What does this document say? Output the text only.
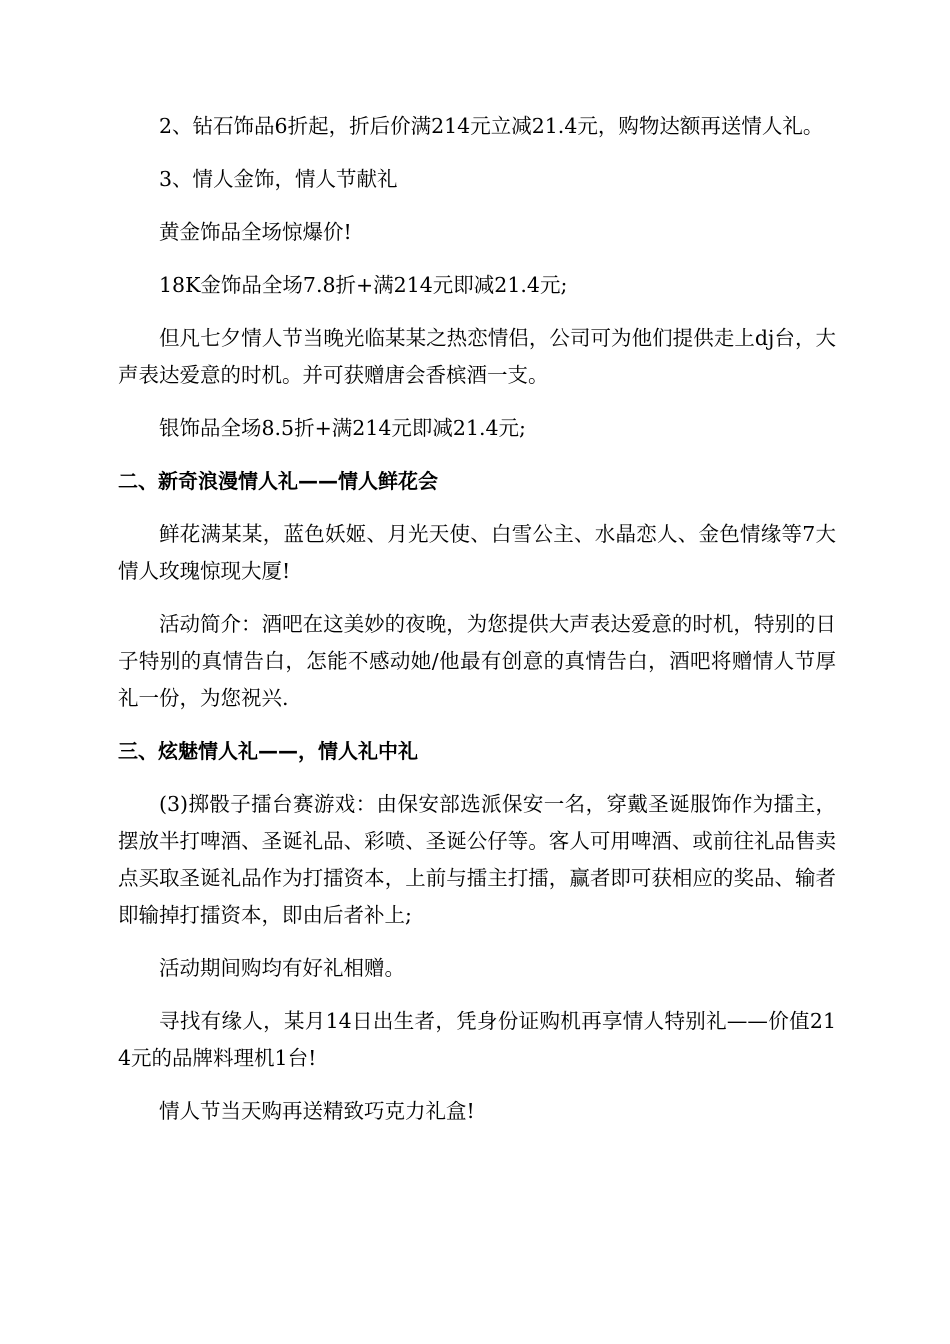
2、钻石饰品6折起，折后价满214元立减21.4元，购物达额再送情人礼。

3、情人金饰，情人节献礼

黄金饰品全场惊爆价!

18K金饰品全场7.8折+满214元即减21.4元;

但凡七夕情人节当晚光临某某之热恋情侣，公司可为他们提供走上dj台，大声表达爱意的时机。并可获赠唐会香槟酒一支。

银饰品全场8.5折+满214元即减21.4元;

二、新奇浪漫情人礼——情人鲜花会

鲜花满某某，蓝色妖姬、月光天使、白雪公主、水晶恋人、金色情缘等7大情人玫瑰惊现大厦!

活动简介：酒吧在这美妙的夜晚，为您提供大声表达爱意的时机，特别的日子特别的真情告白，怎能不感动她/他最有创意的真情告白，酒吧将赠情人节厚礼一份，为您祝兴.

三、炫魅情人礼——，情人礼中礼

(3)掷骰子擂台赛游戏：由保安部选派保安一名，穿戴圣诞服饰作为擂主，摆放半打啤酒、圣诞礼品、彩喷、圣诞公仔等。客人可用啤酒、或前往礼品售卖点买取圣诞礼品作为打擂资本，上前与擂主打擂，赢者即可获相应的奖品、输者即输掉打擂资本，即由后者补上;

活动期间购均有好礼相赠。

寻找有缘人，某月14日出生者，凭身份证购机再享情人特别礼——价值214元的品牌料理机1台!

情人节当天购再送精致巧克力礼盒!
